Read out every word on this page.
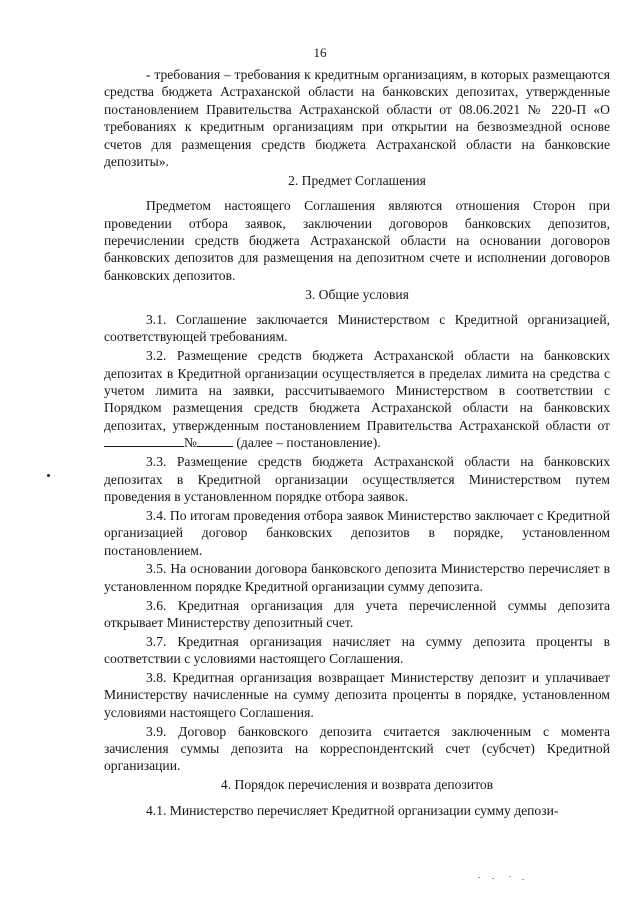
16

- требования – требования к кредитным организациям, в которых размещаются средства бюджета Астраханской области на банковских депозитах, утвержденные постановлением Правительства Астраханской области от 08.06.2021 № 220-П «О требованиях к кредитным организациям при открытии на безвозмездной основе счетов для размещения средств бюджета Астраханской области на банковские депозиты».

2. Предмет Соглашения

Предметом настоящего Соглашения являются отношения Сторон при проведении отбора заявок, заключении договоров банковских депозитов, перечислении средств бюджета Астраханской области на основании договоров банковских депозитов для размещения на депозитном счете и исполнении договоров банковских депозитов.

3. Общие условия

3.1. Соглашение заключается Министерством с Кредитной организацией, соответствующей требованиям.

3.2. Размещение средств бюджета Астраханской области на банковских депозитах в Кредитной организации осуществляется в пределах лимита на средства с учетом лимита на заявки, рассчитываемого Министерством в соответствии с Порядком размещения средств бюджета Астраханской области на банковских депозитах, утвержденным постановлением Правительства Астраханской области от№	(далее – постановление).

3.3. Размещение средств бюджета Астраханской области на банковских депозитах в Кредитной организации осуществляется Министерством путем проведения в установленном порядке отбора заявок.

3.4. По итогам проведения отбора заявок Министерство заключает с Кредитной организацией договор банковских депозитов в порядке, установленном постановлением.

3.5. На основании договора банковского депозита Министерство перечисляет в установленном порядке Кредитной организации сумму депозита.

3.6. Кредитная организация для учета перечисленной суммы депозита открывает Министерству депозитный счет.

3.7. Кредитная организация начисляет на сумму депозита проценты в соответствии с условиями настоящего Соглашения.

3.8. Кредитная организация возвращает Министерству депозит и уплачивает Министерству начисленные на сумму депозита проценты в порядке, установленном условиями настоящего Соглашения.

3.9. Договор банковского депозита считается заключенным с момента зачисления суммы депозита на корреспондентский счет (субсчет) Кредитной организации.

4. Порядок перечисления и возврата депозитов

4.1. Министерство перечисляет Кредитной организации сумму депози-
